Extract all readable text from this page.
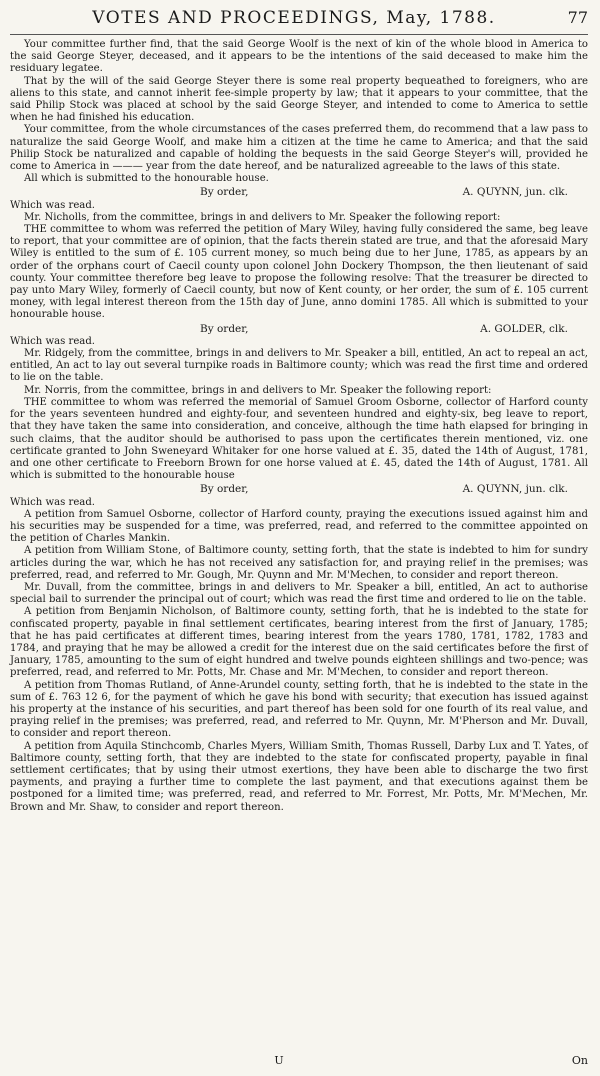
VOTES AND PROCEEDINGS, May, 1788.	77

Your committee further find, that the said George Woolf is the next of kin of the whole blood in America to the said George Steyer, deceased, and it appears to be the intentions of the said deceased to make him the residuary legatee.

That by the will of the said George Steyer there is some real property bequeathed to foreigners, who are aliens to this state, and cannot inherit fee-simple property by law; that it appears to your committee, that the said Philip Stock was placed at school by the said George Steyer, and intended to come to America to settle when he had finished his education.

Your committee, from the whole circumstances of the cases preferred them, do recommend that a law pass to naturalize the said George Woolf, and make him a citizen at the time he came to America; and that the said Philip Stock be naturalized and capable of holding the bequests in the said George Steyer's will, provided he come to America in ——— year from the date hereof, and be naturalized agreeable to the laws of this state.

All which is submitted to the honourable house.

By order,	A. QUYNN, jun. clk.

Which was read.

Mr. Nicholls, from the committee, brings in and delivers to Mr. Speaker the following report:

THE committee to whom was referred the petition of Mary Wiley, having fully considered the same, beg leave to report, that your committee are of opinion, that the facts therein stated are true, and that the aforesaid Mary Wiley is entitled to the sum of £. 105 current money, so much being due to her June, 1785, as appears by an order of the orphans court of Caecil county upon colonel John Dockery Thompson, the then lieutenant of said county. Your committee therefore beg leave to propose the following resolve: That the treasurer be directed to pay unto Mary Wiley, formerly of Caecil county, but now of Kent county, or her order, the sum of £. 105 current money, with legal interest thereon from the 15th day of June, anno domini 1785. All which is submitted to your honourable house.

By order,	A. GOLDER, clk.

Which was read.

Mr. Ridgely, from the committee, brings in and delivers to Mr. Speaker a bill, entitled, An act to repeal an act, entitled, An act to lay out several turnpike roads in Baltimore county; which was read the first time and ordered to lie on the table.

Mr. Norris, from the committee, brings in and delivers to Mr. Speaker the following report:

THE committee to whom was referred the memorial of Samuel Groom Osborne, collector of Harford county for the years seventeen hundred and eighty-four, and seventeen hundred and eighty-six, beg leave to report, that they have taken the same into consideration, and conceive, although the time hath elapsed for bringing in such claims, that the auditor should be authorised to pass upon the certificates therein mentioned, viz. one certificate granted to John Sweneyard Whitaker for one horse valued at £. 35, dated the 14th of August, 1781, and one other certificate to Freeborn Brown for one horse valued at £. 45, dated the 14th of August, 1781. All which is submitted to the honourable house

By order,	A. QUYNN, jun. clk.

Which was read.

A petition from Samuel Osborne, collector of Harford county, praying the executions issued against him and his securities may be suspended for a time, was preferred, read, and referred to the committee appointed on the petition of Charles Mankin.

A petition from William Stone, of Baltimore county, setting forth, that the state is indebted to him for sundry articles during the war, which he has not received any satisfaction for, and praying relief in the premises; was preferred, read, and referred to Mr. Gough, Mr. Quynn and Mr. M'Mechen, to consider and report thereon.

Mr. Duvall, from the committee, brings in and delivers to Mr. Speaker a bill, entitled, An act to authorise special bail to surrender the principal out of court; which was read the first time and ordered to lie on the table.

A petition from Benjamin Nicholson, of Baltimore county, setting forth, that he is indebted to the state for confiscated property, payable in final settlement certificates, bearing interest from the first of January, 1785; that he has paid certificates at different times, bearing interest from the years 1780, 1781, 1782, 1783 and 1784, and praying that he may be allowed a credit for the interest due on the said certificates before the first of January, 1785, amounting to the sum of eight hundred and twelve pounds eighteen shillings and two-pence; was preferred, read, and referred to Mr. Potts, Mr. Chase and Mr. M'Mechen, to consider and report thereon.

A petition from Thomas Rutland, of Anne-Arundel county, setting forth, that he is indebted to the state in the sum of £. 763 12 6, for the payment of which he gave his bond with security; that execution has issued against his property at the instance of his securities, and part thereof has been sold for one fourth of its real value, and praying relief in the premises; was preferred, read, and referred to Mr. Quynn, Mr. M'Pherson and Mr. Duvall, to consider and report thereon.

A petition from Aquila Stinchcomb, Charles Myers, William Smith, Thomas Russell, Darby Lux and T. Yates, of Baltimore county, setting forth, that they are indebted to the state for confiscated property, payable in final settlement certificates; that by using their utmost exertions, they have been able to discharge the two first payments, and praying a further time to complete the last payment, and that executions against them be postponed for a limited time; was preferred, read, and referred to Mr. Forrest, Mr. Potts, Mr. M'Mechen, Mr. Brown and Mr. Shaw, to consider and report thereon.

U	On
